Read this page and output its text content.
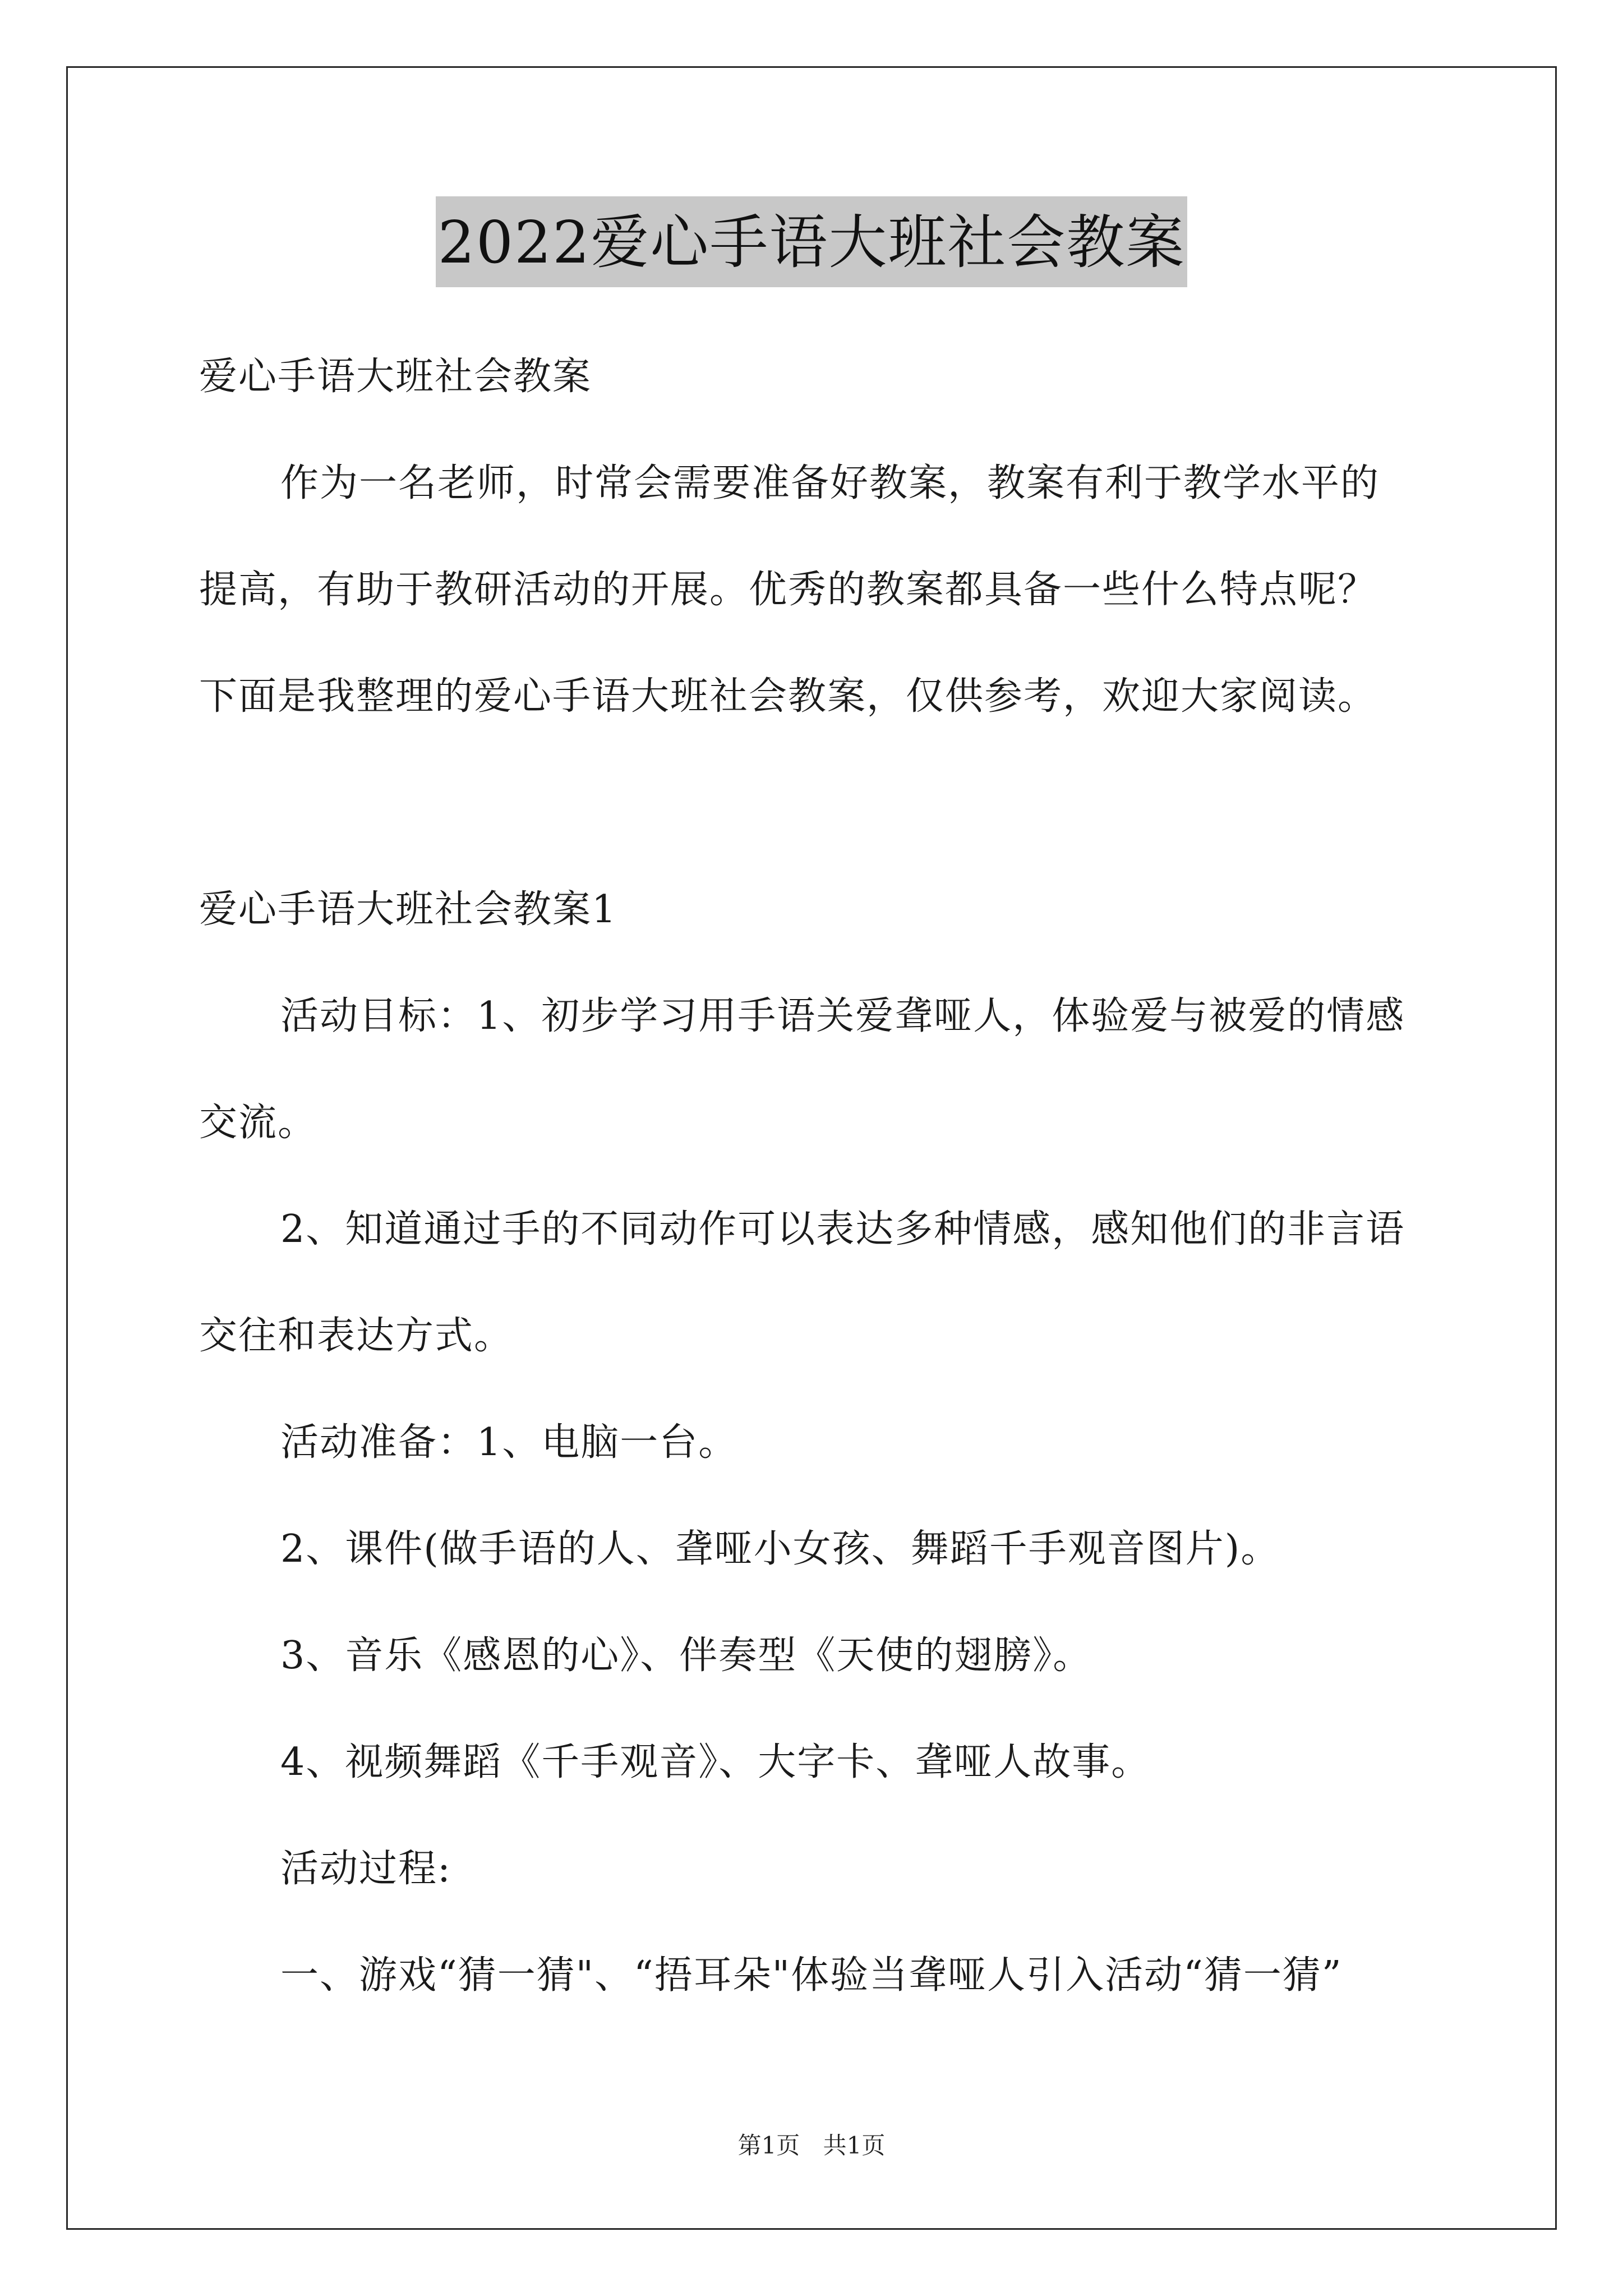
2022爱心手语大班社会教案
爱心手语大班社会教案
作为一名老师，时常会需要准备好教案，教案有利于教学水平的
提高，有助于教研活动的开展。优秀的教案都具备一些什么特点呢？
下面是我整理的爱心手语大班社会教案，仅供参考，欢迎大家阅读。
爱心手语大班社会教案1
活动目标：1、初步学习用手语关爱聋哑人，体验爱与被爱的情感
交流。
2、知道通过手的不同动作可以表达多种情感，感知他们的非言语
交往和表达方式。
活动准备：1、电脑一台。
2、课件(做手语的人、聋哑小女孩、舞蹈千手观音图片)。
3、音乐《感恩的心》、伴奏型《天使的翅膀》。
4、视频舞蹈《千手观音》、大字卡、聋哑人故事。
活动过程:
一、游戏“猜一猜"、“捂耳朵"体验当聋哑人引入活动“猜一猜”
第1页 共1页
